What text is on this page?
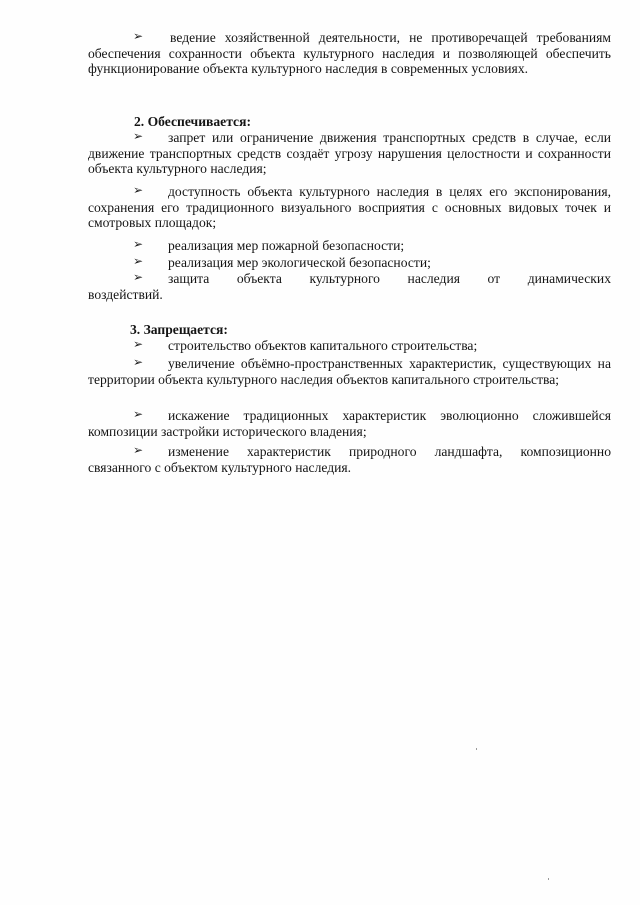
➢	ведение хозяйственной деятельности, не противоречащей требованиям обеспечения сохранности объекта культурного наследия и позволяющей обеспечить функционирование объекта культурного наследия в современных условиях.
2. Обеспечивается:
➢	запрет или ограничение движения транспортных средств в случае, если движение транспортных средств создаёт угрозу нарушения целостности и сохранности объекта культурного наследия;
➢	доступность объекта культурного наследия в целях его экспонирования, сохранения его традиционного визуального восприятия с основных видовых точек и смотровых площадок;
➢	реализация мер пожарной безопасности;
➢	реализация мер экологической безопасности;
➢	защита объекта культурного наследия от динамических воздействий.
3. Запрещается:
➢	строительство объектов капитального строительства;
➢	увеличение объёмно-пространственных характеристик, существующих на территории объекта культурного наследия объектов капитального строительства;
➢	искажение традиционных характеристик эволюционно сложившейся композиции застройки исторического владения;
➢	изменение характеристик природного ландшафта, композиционно связанного с объектом культурного наследия.
